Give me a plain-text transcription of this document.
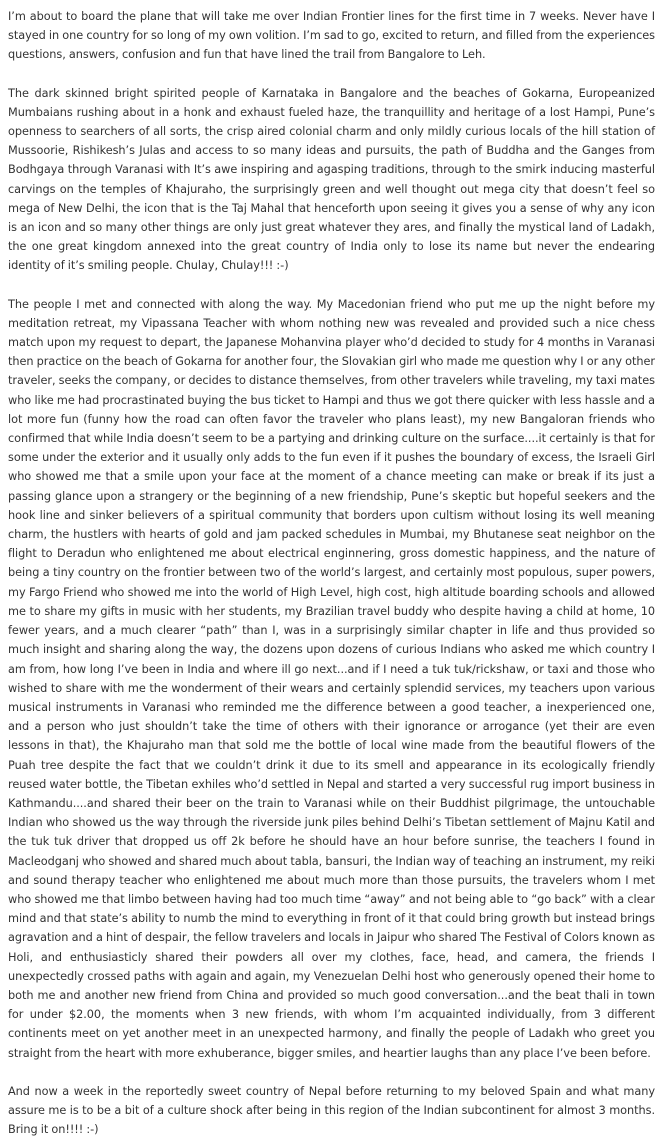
I’m about to board the plane that will take me over Indian Frontier lines for the first time in 7 weeks. Never have I stayed in one country for so long of my own volition. I’m sad to go, excited to return, and filled from the experiences questions, answers, confusion and fun that have lined the trail from Bangalore to Leh.

The dark skinned bright spirited people of Karnataka in Bangalore and the beaches of Gokarna, Europeanized Mumbaians rushing about in a honk and exhaust fueled haze, the tranquillity and heritage of a lost Hampi, Pune’s openness to searchers of all sorts, the crisp aired colonial charm and only mildly curious locals of the hill station of Mussoorie, Rishikesh’s Julas and access to so many ideas and pursuits, the path of Buddha and the Ganges from Bodhgaya through Varanasi with It’s awe inspiring and agasping traditions, through to the smirk inducing masterful carvings on the temples of Khajuraho, the surprisingly green and well thought out mega city that doesn’t feel so mega of New Delhi, the icon that is the Taj Mahal that henceforth upon seeing it gives you a sense of why any icon is an icon and so many other things are only just great whatever they ares, and finally the mystical land of Ladakh, the one great kingdom annexed into the great country of India only to lose its name but never the endearing identity of it’s smiling people. Chulay, Chulay!!! :-)

The people I met and connected with along the way. My Macedonian friend who put me up the night before my meditation retreat, my Vipassana Teacher with whom nothing new was revealed and provided such a nice chess match upon my request to depart, the Japanese Mohanvina player who’d decided to study for 4 months in Varanasi then practice on the beach of Gokarna for another four, the Slovakian girl who made me question why I or any other traveler, seeks the company, or decides to distance themselves, from other travelers while traveling, my taxi mates who like me had procrastinated buying the bus ticket to Hampi and thus we got there quicker with less hassle and a lot more fun (funny how the road can often favor the traveler who plans least), my new Bangaloran friends who confirmed that while India doesn’t seem to be a partying and drinking culture on the surface....it certainly is that for some under the exterior and it usually only adds to the fun even if it pushes the boundary of excess, the Israeli Girl who showed me that a smile upon your face at the moment of a chance meeting can make or break if its just a passing glance upon a strangery or the beginning of a new friendship, Pune’s skeptic but hopeful seekers and the hook line and sinker believers of a spiritual community that borders upon cultism without losing its well meaning charm, the hustlers with hearts of gold and jam packed schedules in Mumbai, my Bhutanese seat neighbor on the flight to Deradun who enlightened me about electrical enginnering, gross domestic happiness, and the nature of being a tiny country on the frontier between two of the world’s largest, and certainly most populous, super powers, my Fargo Friend who showed me into the world of High Level, high cost, high altitude boarding schools and allowed me to share my gifts in music with her students, my Brazilian travel buddy who despite having a child at home, 10 fewer years, and a much clearer “path” than I, was in a surprisingly similar chapter in life and thus provided so much insight and sharing along the way, the dozens upon dozens of curious Indians who asked me which country I am from, how long I’ve been in India and where ill go next...and if I need a tuk tuk/rickshaw, or taxi and those who wished to share with me the wonderment of their wears and certainly splendid services, my teachers upon various musical instruments in Varanasi who reminded me the difference between a good teacher, a inexperienced one, and a person who just shouldn’t take the time of others with their ignorance or arrogance (yet their are even lessons in that), the Khajuraho man that sold me the bottle of local wine made from the beautiful flowers of the Puah tree despite the fact that we couldn’t drink it due to its smell and appearance in its ecologically friendly reused water bottle, the Tibetan exhiles who’d settled in Nepal and started a very successful rug import business in Kathmandu....and shared their beer on the train to Varanasi while on their Buddhist pilgrimage, the untouchable Indian who showed us the way through the riverside junk piles behind Delhi’s Tibetan settlement of Majnu Katil and the tuk tuk driver that dropped us off 2k before he should have an hour before sunrise, the teachers I found in Macleodganj who showed and shared much about tabla, bansuri, the Indian way of teaching an instrument, my reiki and sound therapy teacher who enlightened me about much more than those pursuits, the travelers whom I met who showed me that limbo between having had too much time “away” and not being able to “go back” with a clear mind and that state’s ability to numb the mind to everything in front of it that could bring growth but instead brings agravation and a hint of despair, the fellow travelers and locals in Jaipur who shared The Festival of Colors known as Holi, and enthusiasticly shared their powders all over my clothes, face, head, and camera, the friends I unexpectedly crossed paths with again and again, my Venezuelan Delhi host who generously opened their home to both me and another new friend from China and provided so much good conversation...and the beat thali in town for under $2.00, the moments when 3 new friends, with whom I’m acquainted individually, from 3 different continents meet on yet another meet in an unexpected harmony, and finally the people of Ladakh who greet you straight from the heart with more exhuberance, bigger smiles, and heartier laughs than any place I’ve been before.

And now a week in the reportedly sweet country of Nepal before returning to my beloved Spain and what many assure me is to be a bit of a culture shock after being in this region of the Indian subcontinent for almost 3 months. Bring it on!!!! :-)
